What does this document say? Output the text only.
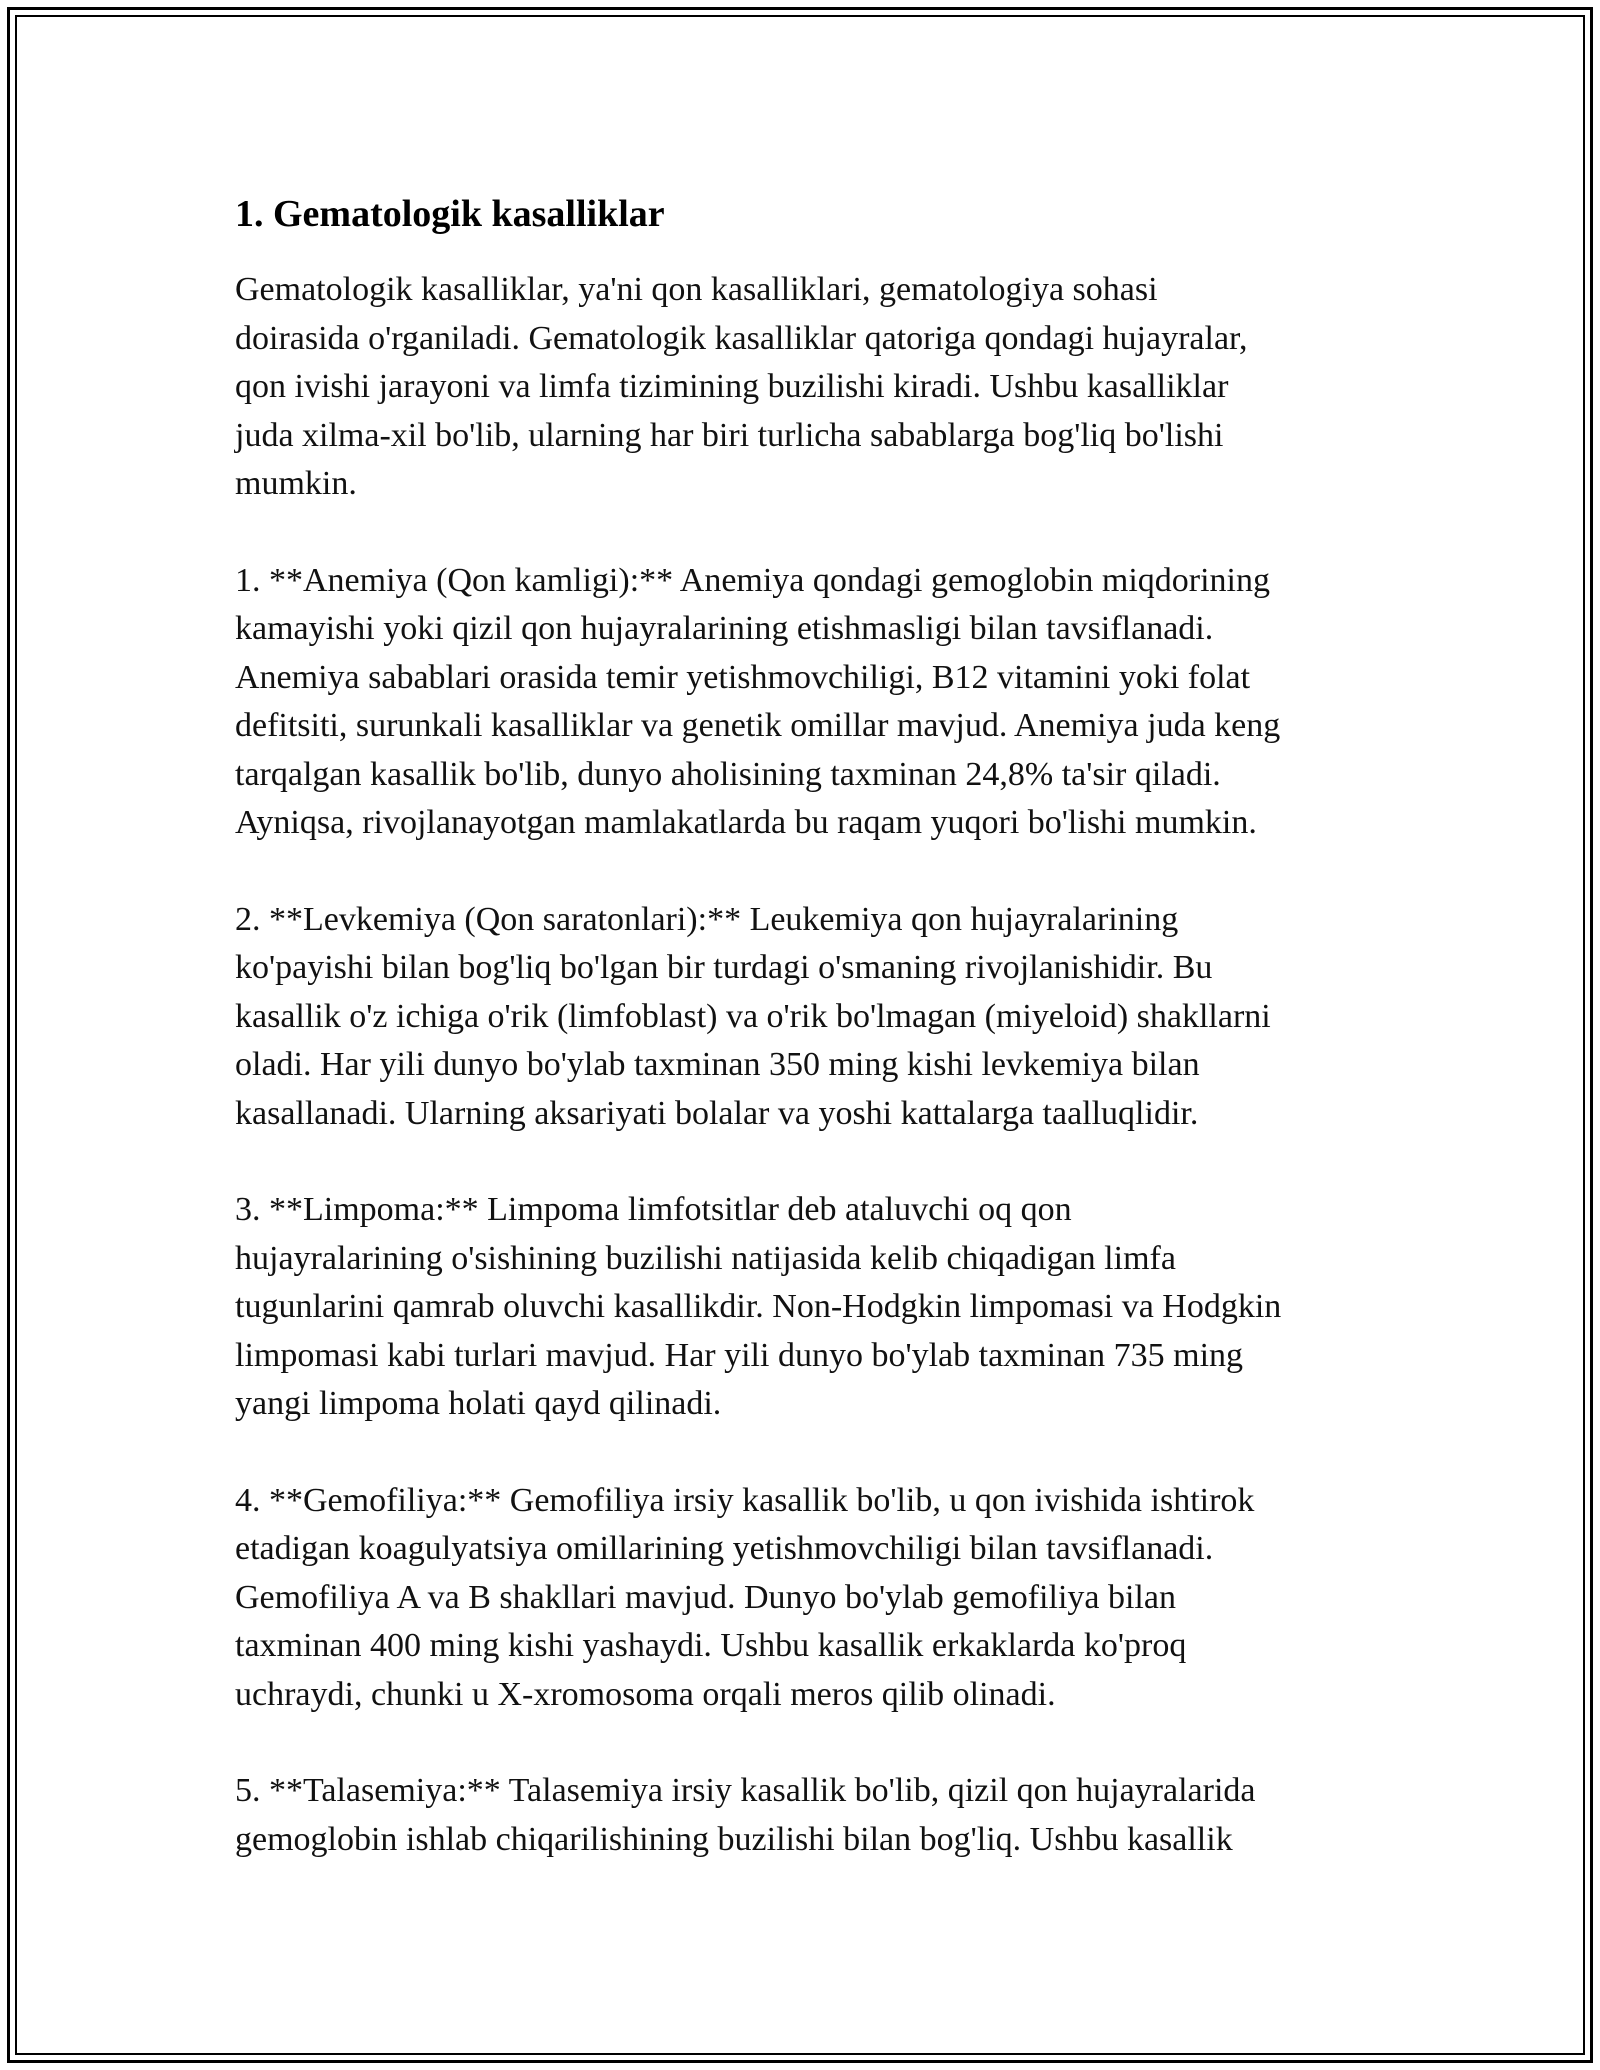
1. Gematologik kasalliklar

Gematologik kasalliklar, ya'ni qon kasalliklari, gematologiya sohasi
doirasida o'rganiladi. Gematologik kasalliklar qatoriga qondagi hujayralar,
qon ivishi jarayoni va limfa tizimining buzilishi kiradi. Ushbu kasalliklar
juda xilma-xil bo'lib, ularning har biri turlicha sabablarga bog'liq bo'lishi
mumkin.

1. **Anemiya (Qon kamligi):** Anemiya qondagi gemoglobin miqdorining
kamayishi yoki qizil qon hujayralarining etishmasligi bilan tavsiflanadi.
Anemiya sabablari orasida temir yetishmovchiligi, B12 vitamini yoki folat
defitsiti, surunkali kasalliklar va genetik omillar mavjud. Anemiya juda keng
tarqalgan kasallik bo'lib, dunyo aholisining taxminan 24,8% ta'sir qiladi.
Ayniqsa, rivojlanayotgan mamlakatlarda bu raqam yuqori bo'lishi mumkin.

2. **Levkemiya (Qon saratonlari):** Leukemiya qon hujayralarining
ko'payishi bilan bog'liq bo'lgan bir turdagi o'smaning rivojlanishidir. Bu
kasallik o'z ichiga o'rik (limfoblast) va o'rik bo'lmagan (miyeloid) shakllarni
oladi. Har yili dunyo bo'ylab taxminan 350 ming kishi levkemiya bilan
kasallanadi. Ularning aksariyati bolalar va yoshi kattalarga taalluqlidir.

3. **Limpoma:** Limpoma limfotsitlar deb ataluvchi oq qon
hujayralarining o'sishining buzilishi natijasida kelib chiqadigan limfa
tugunlarini qamrab oluvchi kasallikdir. Non-Hodgkin limpomasi va Hodgkin
limpomasi kabi turlari mavjud. Har yili dunyo bo'ylab taxminan 735 ming
yangi limpoma holati qayd qilinadi.

4. **Gemofiliya:** Gemofiliya irsiy kasallik bo'lib, u qon ivishida ishtirok
etadigan koagulyatsiya omillarining yetishmovchiligi bilan tavsiflanadi.
Gemofiliya A va B shakllari mavjud. Dunyo bo'ylab gemofiliya bilan
taxminan 400 ming kishi yashaydi. Ushbu kasallik erkaklarda ko'proq
uchraydi, chunki u X-xromosoma orqali meros qilib olinadi.

5. **Talasemiya:** Talasemiya irsiy kasallik bo'lib, qizil qon hujayralarida
gemoglobin ishlab chiqarilishining buzilishi bilan bog'liq. Ushbu kasallik
